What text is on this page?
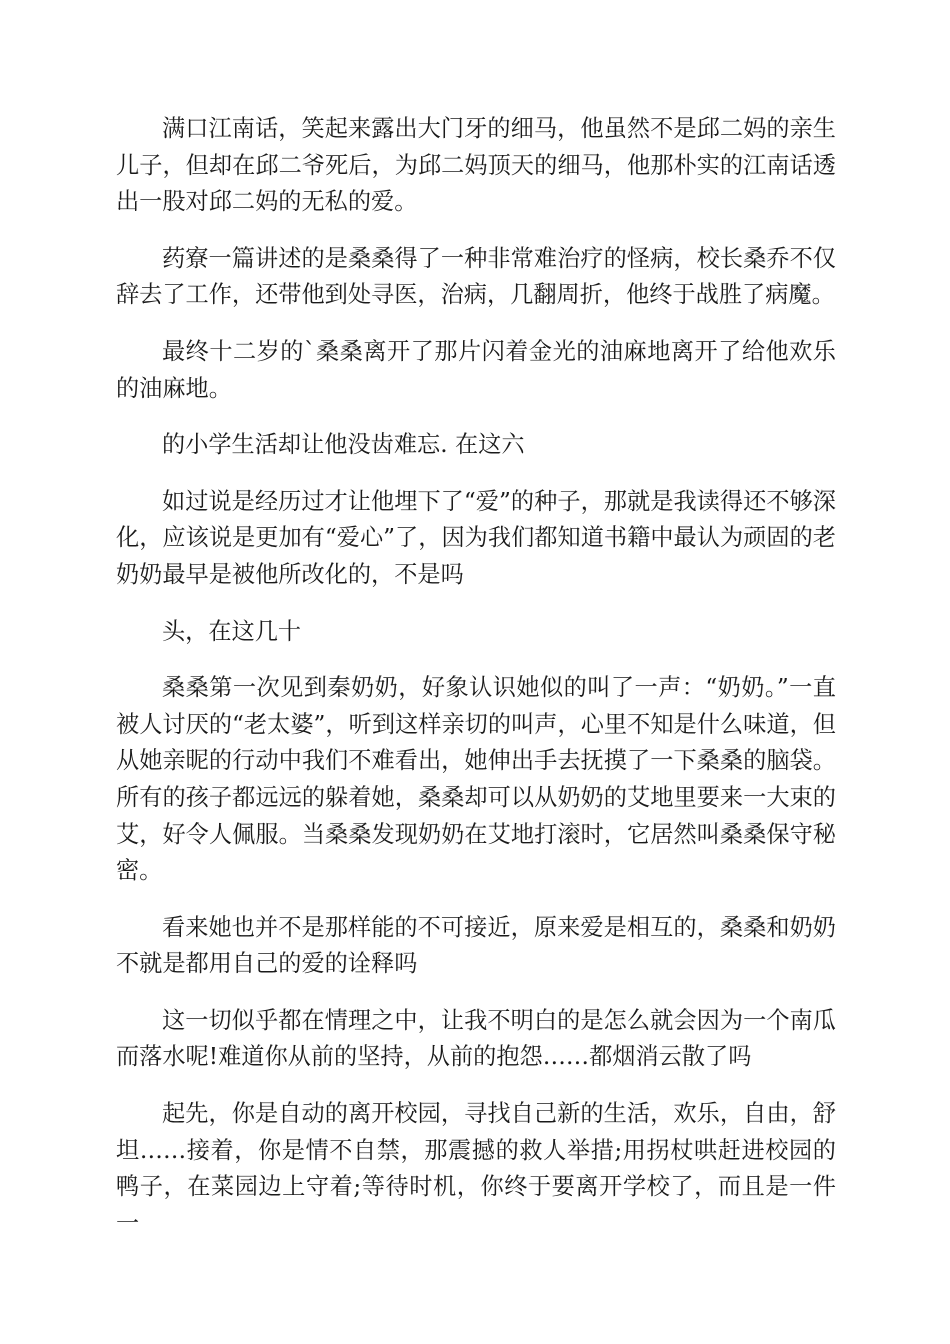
满口江南话，笑起来露出大门牙的细马，他虽然不是邱二妈的亲生儿子，但却在邱二爷死后，为邱二妈顶天的细马，他那朴实的江南话透出一股对邱二妈的无私的爱。

药寮一篇讲述的是桑桑得了一种非常难治疗的怪病，校长桑乔不仅辞去了工作，还带他到处寻医，治病，几翻周折，他终于战胜了病魔。

最终十二岁的`桑桑离开了那片闪着金光的油麻地离开了给他欢乐的油麻地。

的小学生活却让他没齿难忘. 在这六

如过说是经历过才让他埋下了“爱”的种子，那就是我读得还不够深化，应该说是更加有“爱心”了，因为我们都知道书籍中最认为顽固的老奶奶最早是被他所改化的，不是吗

头，在这几十

桑桑第一次见到秦奶奶，好象认识她似的叫了一声：“奶奶。”一直被人讨厌的“老太婆”，听到这样亲切的叫声，心里不知是什么味道，但从她亲昵的行动中我们不难看出，她伸出手去抚摸了一下桑桑的脑袋。所有的孩子都远远的躲着她，桑桑却可以从奶奶的艾地里要来一大束的艾，好令人佩服。当桑桑发现奶奶在艾地打滚时，它居然叫桑桑保守秘密。

看来她也并不是那样能的不可接近，原来爱是相互的，桑桑和奶奶不就是都用自己的爱的诠释吗

这一切似乎都在情理之中，让我不明白的是怎么就会因为一个南瓜而落水呢!难道你从前的坚持，从前的抱怨……都烟消云散了吗

起先，你是自动的离开校园，寻找自己新的生活，欢乐，自由，舒坦……接着，你是情不自禁，那震撼的救人举措;用拐杖哄赶进校园的鸭子，在菜园边上守着;等待时机，你终于要离开学校了，而且是一件一
